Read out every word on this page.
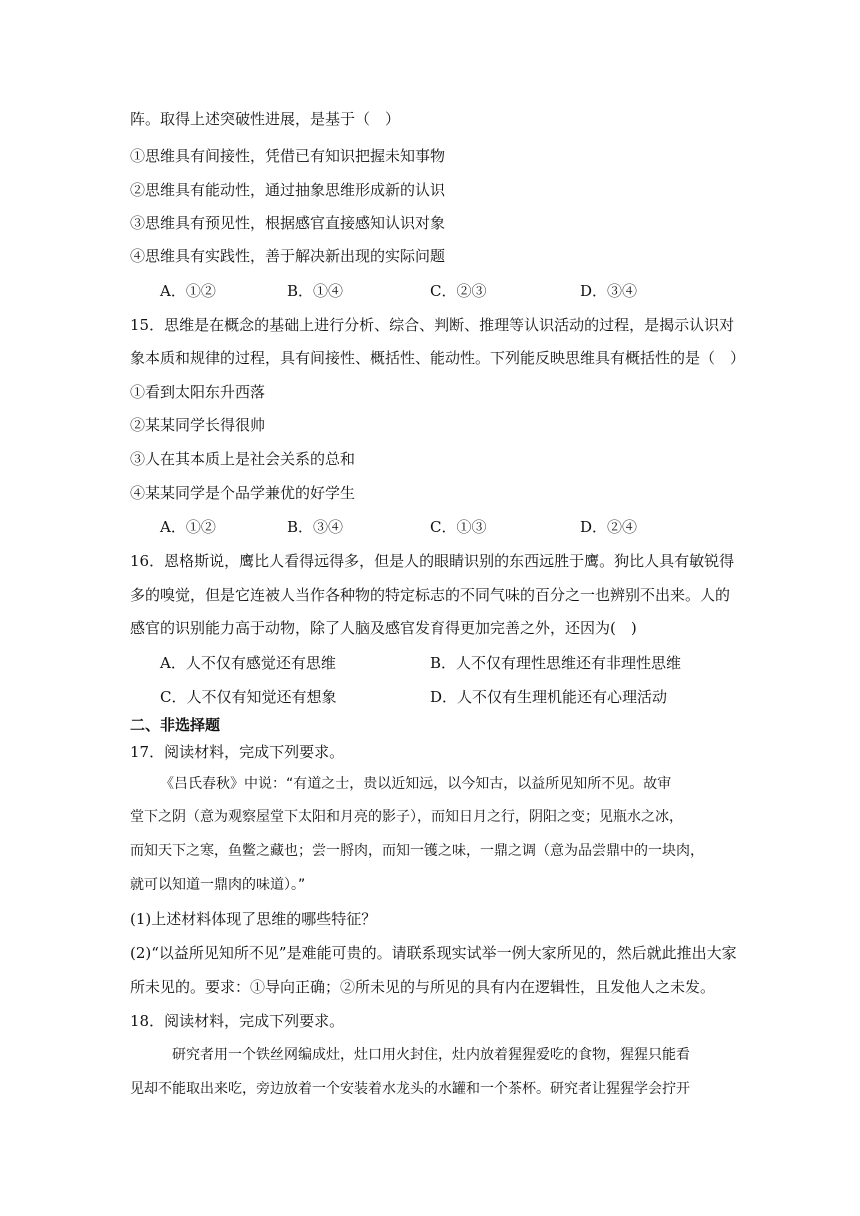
阵。取得上述突破性进展，是基于（　）
①思维具有间接性，凭借已有知识把握未知事物
②思维具有能动性，通过抽象思维形成新的认识
③思维具有预见性，根据感官直接感知认识对象
④思维具有实践性，善于解决新出现的实际问题
A．①②	B．①④	C．②③	D．③④
15．思维是在概念的基础上进行分析、综合、判断、推理等认识活动的过程，是揭示认识对
象本质和规律的过程，具有间接性、概括性、能动性。下列能反映思维具有概括性的是（　）
①看到太阳东升西落
②某某同学长得很帅
③人在其本质上是社会关系的总和
④某某同学是个品学兼优的好学生
A．①②	B．③④	C．①③	D．②④
16．恩格斯说，鹰比人看得远得多，但是人的眼睛识别的东西远胜于鹰。狗比人具有敏锐得
多的嗅觉，但是它连被人当作各种物的特定标志的不同气味的百分之一也辨别不出来。人的
感官的识别能力高于动物，除了人脑及感官发育得更加完善之外，还因为(　)
A．人不仅有感觉还有思维	B．人不仅有理性思维还有非理性思维
C．人不仅有知觉还有想象	D．人不仅有生理机能还有心理活动
二、非选择题
17．阅读材料，完成下列要求。
《吕氏春秋》中说：“有道之士，贵以近知远，以今知古，以益所见知所不见。故审
堂下之阴（意为观察屋堂下太阳和月亮的影子），而知日月之行，阴阳之变；见瓶水之冰，
而知天下之寒，鱼鳖之藏也；尝一脟肉，而知一镬之味，一鼎之调（意为品尝鼎中的一块肉，
就可以知道一鼎肉的味道）。”
(1)上述材料体现了思维的哪些特征？
(2)“以益所见知所不见”是难能可贵的。请联系现实试举一例大家所见的，然后就此推出大家
所未见的。要求：①导向正确；②所未见的与所见的具有内在逻辑性，且发他人之未发。
18．阅读材料，完成下列要求。
研究者用一个铁丝网编成灶，灶口用火封住，灶内放着猩猩爱吃的食物，猩猩只能看
见却不能取出来吃，旁边放着一个安装着水龙头的水罐和一个茶杯。研究者让猩猩学会拧开
